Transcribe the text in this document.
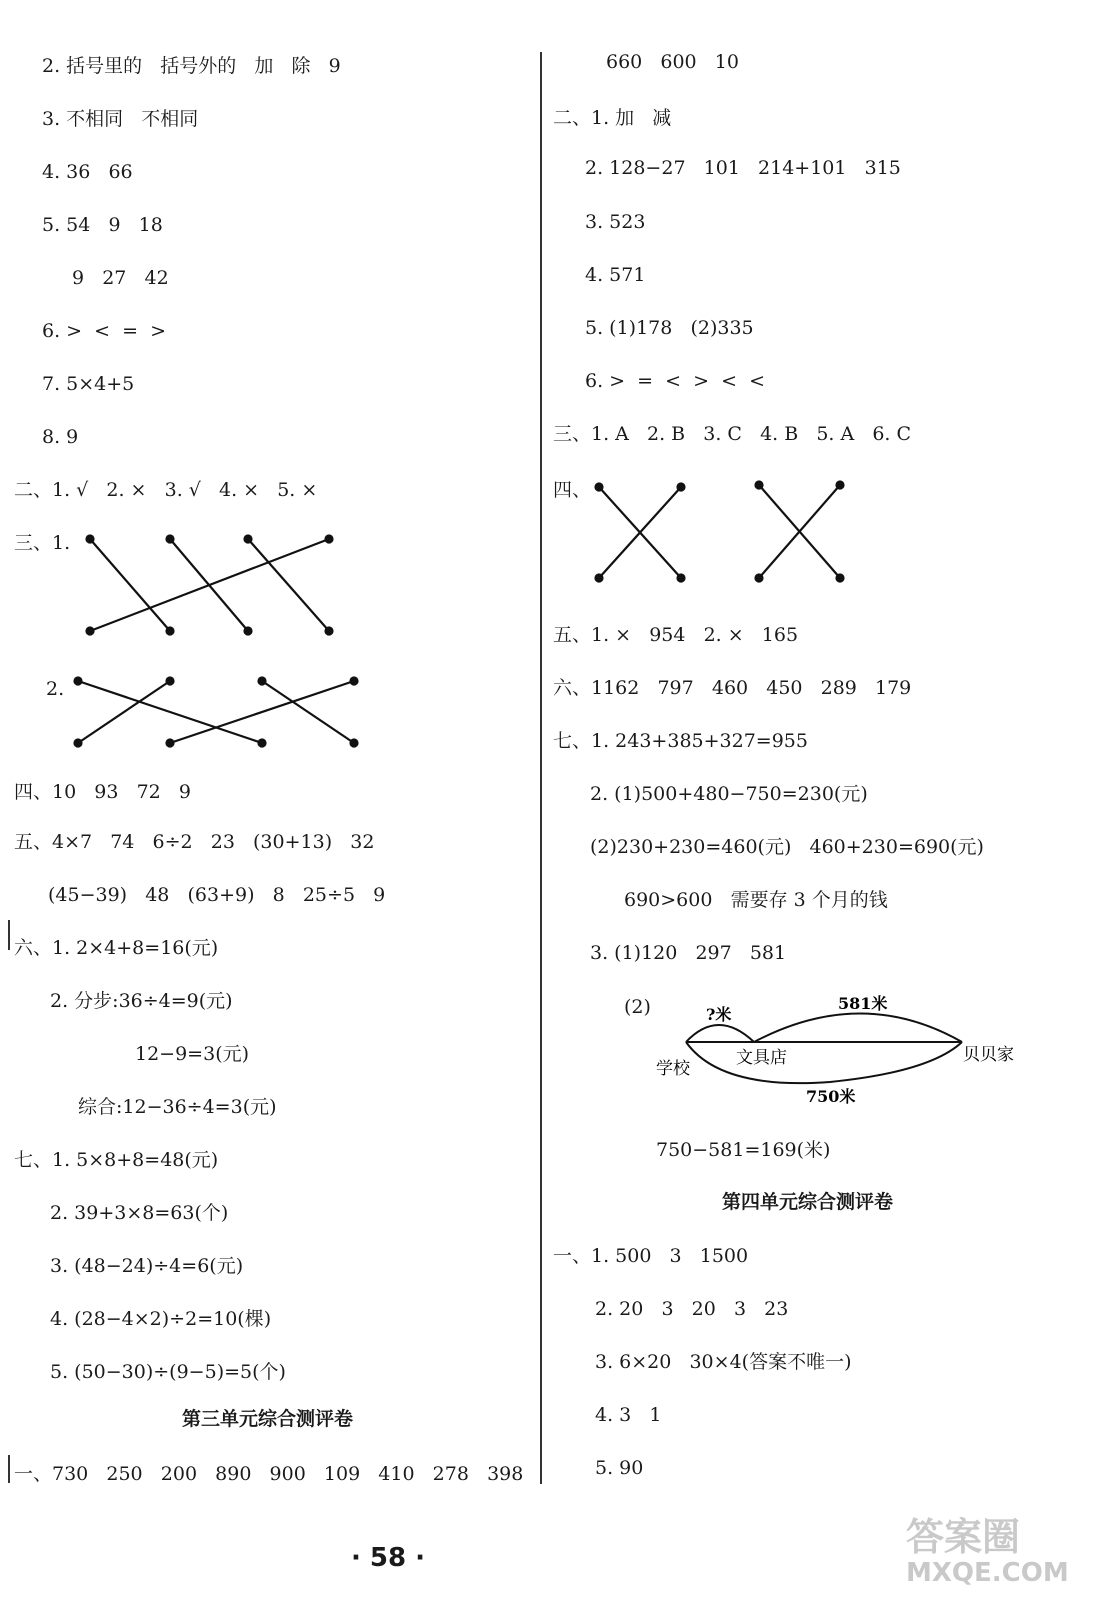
2. 括号里的   括号外的   加   除   9
3. 不相同   不相同
4. 36   66
5. 54   9   18
9   27   42
6. >  <  =  >
7. 5×4+5
8. 9
二、1. √   2. ×   3. √   4. ×   5. ×
三、1.
2.
四、10   93   72   9
五、4×7   74   6÷2   23   (30+13)   32
(45−39)   48   (63+9)   8   25÷5   9
六、1. 2×4+8=16(元)
2. 分步:36÷4=9(元)
12−9=3(元)
综合:12−36÷4=3(元)
七、1. 5×8+8=48(元)
2. 39+3×8=63(个)
3. (48−24)÷4=6(元)
4. (28−4×2)÷2=10(棵)
5. (50−30)÷(9−5)=5(个)
一、730   250   200   890   900   109   410   278   398
第三单元综合测评卷
660   600   10
二、1. 加   减
2. 128−27   101   214+101   315
3. 523
4. 571
5. (1)178   (2)335
6. >  =  <  >  <  <
三、1. A   2. B   3. C   4. B   5. A   6. C
四、
五、1. ×   954   2. ×   165
六、1162   797   460   450   289   179
七、1. 243+385+327=955
2. (1)500+480−750=230(元)
(2)230+230=460(元)   460+230=690(元)
690>600   需要存 3 个月的钱
3. (1)120   297   581
(2)
750−581=169(米)
一、1. 500   3   1500
2. 20   3   20   3   23
3. 6×20   30×4(答案不唯一)
4. 3   1
5. 90
第四单元综合测评卷
?米
581米
学校
文具店	贝贝家
750米
· 58 ·	答案圈
MXQE.COM
